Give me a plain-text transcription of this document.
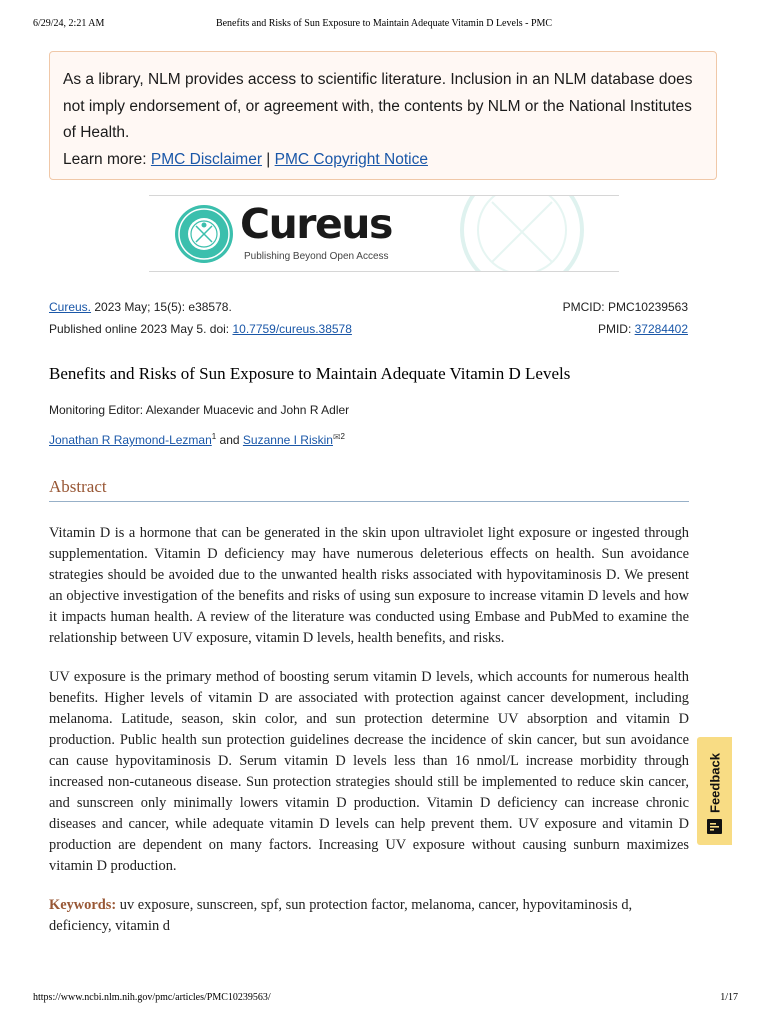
6/29/24, 2:21 AM	Benefits and Risks of Sun Exposure to Maintain Adequate Vitamin D Levels - PMC

As a library, NLM provides access to scientific literature. Inclusion in an NLM database does not imply endorsement of, or agreement with, the contents by NLM or the National Institutes of Health.

Learn more: PMC Disclaimer | PMC Copyright Notice

Cureus
Publishing Beyond Open Access
Cureus. 2023 May; 15(5): e38578.
Published online 2023 May 5. doi: 10.7759/cureus.38578
PMCID: PMC10239563
PMID: 37284402
Benefits and Risks of Sun Exposure to Maintain Adequate Vitamin D Levels
Monitoring Editor: Alexander Muacevic and John R Adler
Jonathan R Raymond-Lezman$^1$ and Suzanne I Riskin✉$^2$
Abstract

Vitamin D is a hormone that can be generated in the skin upon ultraviolet light exposure or ingested through supplementation. Vitamin D deficiency may have numerous deleterious effects on health. Sun avoidance strategies should be avoided due to the unwanted health risks associated with hypovitaminosis D. We present an objective investigation of the benefits and risks of using sun exposure to increase vitamin D levels and how it impacts human health. A review of the literature was conducted using Embase and PubMed to examine the relationship between UV exposure, vitamin D levels, health benefits, and risks.

UV exposure is the primary method of boosting serum vitamin D levels, which accounts for numerous health benefits. Higher levels of vitamin D are associated with protection against cancer development, including melanoma. Latitude, season, skin color, and sun protection determine UV absorption and vitamin D production. Public health sun protection guidelines decrease the incidence of skin cancer, but sun avoidance can cause hypovitaminosis D. Serum vitamin D levels less than 16 nmol/L increase morbidity through increased non-cutaneous disease. Sun protection strategies should still be implemented to reduce skin cancer, and sunscreen only minimally lowers vitamin D production. Vitamin D deficiency can increase chronic diseases and cancer, while adequate vitamin D levels can help prevent them. UV exposure and vitamin D production are dependent on many factors. Increasing UV exposure without causing sunburn maximizes vitamin D production.

Keywords: uv exposure, sunscreen, spf, sun protection factor, melanoma, cancer, hypovitaminosis d, deficiency, vitamin d

Feedback
https://www.ncbi.nlm.nih.gov/pmc/articles/PMC10239563/	1/17
